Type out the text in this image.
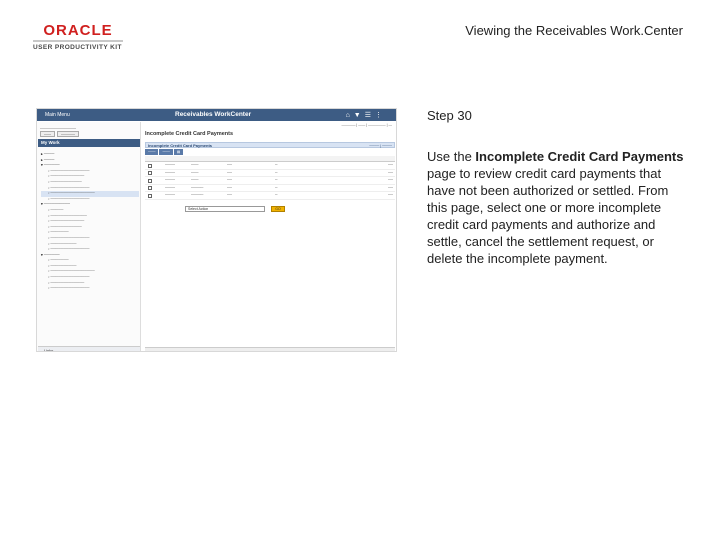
ORACLE
USER PRODUCTIVITY KIT
Viewing the Receivables Work.Center
Main Menu	Receivables WorkCenter	⌂▼☰⋮
———— | —— | ————— | —
—————————
——	————
My Work
▸ ────
▸ ────
▾ ──────
▫ ───────────────
▫ ─────────────
▫ ────────────
▫ ───────────────
▫ ─────────────────
▫ ───────────────
▾ ──────────
▫ ─────
▫ ──────────────
▫ ─────────────
▫ ────────────
▫ ───────
▫ ───────────────
▫ ──────────
▫ ───────────────
▾ ──────
▫ ───────
▫ ──────────
▫ ─────────────────
▫ ───────────────
▫ ─────────────
▫ ───────────────
Links
Incomplete Credit Card Payments
Incomplete Credit Card Payments	──── | ────
───	───	▤
────	───	──	─	──
────	───	──	─	──
────	───	──	─	──
────	─────	──	─	──
────	─────	──	─	──
Select Action	GO
Step 30
Use the Incomplete Credit Card Payments page to review credit card payments that have not been authorized or settled. From this page, select one or more incomplete credit card payments and authorize and settle, cancel the settlement request, or delete the incomplete payment.
